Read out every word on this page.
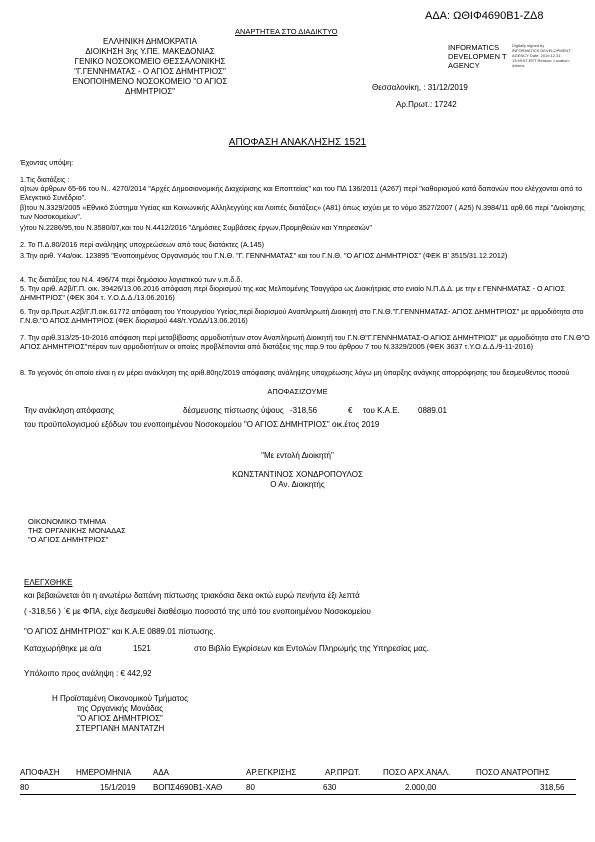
ΑΔΑ: ΩΘΙΦ4690Β1-ΖΔ8
ΑΝΑΡΤΗΤΕΑ ΣΤΟ ΔΙΑΔΙΚΤΥΟ
ΕΛΛΗΝΙΚΗ ΔΗΜΟΚΡΑΤΙΑ
ΔΙΟΙΚΗΣΗ 3ης Υ.ΠΕ. ΜΑΚΕΔΟΝΙΑΣ
ΓΕΝΙΚΟ ΝΟΣΟΚΟΜΕΙΟ ΘΕΣΣΑΛΟΝΙΚΗΣ
"Γ.ΓΕΝΝΗΜΑΤΑΣ - Ο ΑΓΙΟΣ ΔΗΜΗΤΡΙΟΣ"
ΕΝΟΠΟΙΗΜΕΝΟ ΝΟΣΟΚΟΜΕΙΟ "Ο ΑΓΙΟΣ
ΔΗΜΗΤΡΙΟΣ"
INFORMATICS DEVELOPMEN T AGENCY
Digitally signed by INFORMATICS DEVELOPMENT AGENCY Date: 2019.12.31 13:49:57 EET Reason: Location: Athens
Θεσσαλονίκη, : 31/12/2019
Αρ.Πρωτ.: 17242
ΑΠΟΦΑΣΗ ΑΝΑΚΛΗΣΗΣ 1521
Έχοντας υπόψη:
1.Τις διατάξεις :
α)των άρθρων 65-66 του Ν.. 4270/2014 "Αρχές Δημοσιονομικής Διαχείρισης και Εποπτείας" και του ΠΔ 136/2011 (Α267) περί "καθορισμού κατά δαπανών που ελέγχονται από το Ελεγκτικό Συνέδριο".
β)του Ν.3329/2005 «Εθνικό Σύστημα Υγείας και Κοινωνικής Αλληλεγγύης και Λοιπές διατάξεις» (Α81) όπως ισχύει με το νόμο 3527/2007 ( Α25) Ν.3984/11 αρθ.66 περί "Διοίκησης των Νοσοκομείων".
γ)του Ν.2286/95,του Ν.3580/07,και του Ν.4412/2016 "Δημόσιες Συμβάσεις έργων,Προμηθειών και Υπηρεσιών"
2. Το Π.Δ.80/2016 περί ανάληψης υποχρεώσεων από τους διατάκτες (Α.145)
3.Την αριθ. Υ4α/οικ. 123895 "Ενοποιημένος Οργανισμός του Γ.Ν.Θ. "Γ. ΓΕΝΝΗΜΑΤΑΣ" και του Γ.Ν.Θ. "Ο ΑΓΙΟΣ ΔΗΜΗΤΡΙΟΣ" (ΦΕΚ Β' 3515/31.12.2012)
4. Τις διατάξεις του Ν.4. 496/74 περί δημόσιου λογιστικού των ν.π.δ.δ.
5. Την αριθ. Α2β/Γ.Π. οικ. 39426/13.06.2016 απόφαση περί διορισμού της κας Μελπομένης Τσαγγάρα ως Διοικήτριας στο ενιαίο Ν.Π.Δ.Δ. με την ε ΓΕΝΝΗΜΑΤΑΣ - Ο ΑΓΙΟΣ ΔΗΜΗΤΡΙΟΣ" (ΦΕΚ 304 τ. Υ.Ο.Δ.Δ./13.06.2016)
6. Την αρ.Πρωτ.Α2β/Γ.Π.οικ.61772 απόφαση του Υπουργείου Υγείας,περί διορισμού Αναπληρωτή Διοικητή στο Γ.Ν.Θ."Γ.ΓΕΝΝΗΜΑΤΑΣ- ΑΓΙΟΣ ΔΗΜΗΤΡΙΟΣ" με αρμοδιότητα στο Γ.Ν.Θ."Ο ΑΠΟΣ ΔΗΜΗΤΡΙΟΣ (ΦΕΚ διορισμού 448/τ.ΥΟΔΔ/13.06.2016)
7. Την αριθ.313/25-10-2016 απόφαση περί μεταβίβασης αρμοδιοτήτων στον Αναπληρωτή Διοικητή του Γ.Ν.Θ"Γ.ΓΕΝΝΗΜΑΤΑΣ-Ο ΑΓΙΟΣ ΔΗΜΗΤΡΙΟΣ" με αρμοδιότητα στο Γ.Ν.Θ"Ο ΑΓΙΟΣ ΔΗΜΗΤΡΙΟΣ"πέραν των αρμοδιοτήτων οι οποίες προβλέπονται από διατάξεις της παρ.9 του άρθρου 7 του Ν.3329/2005 (ΦΕΚ 3637 τ.Υ.Ο.Δ.Δ./9-11-2016)
8. Το γεγονός ότι οποίο είναι η εν μέρει ανάκληση της αριθ.80ης/2019 απόφασης ανάληψης υποχρέωσης λόγω μη ύπαρξης ανάγκης απορρόφησης του δεσμευθέντος ποσού
ΑΠΟΦΑΣΙΖΟΥΜΕ
Την ανάκληση απόφασης	δέσμευσης πίστωσης ύψους -318,56	€ του Κ.Α.Ε. 0889.01
του προϋπολογισμού εξόδων του ενοποιημένου Νοσοκομείου "Ο ΑΓΙΟΣ ΔΗΜΗΤΡΙΟΣ" οικ.έτος 2019
"Με εντολή Διοικητή"
ΚΩΝΣΤΑΝΤΙΝΟΣ ΧΟΝΔΡΟΠΟΥΛΟΣ
Ο Αν. Διοικητής
ΟΙΚΟΝΟΜΙΚΟ ΤΜΗΜΑ
ΤΗΣ ΟΡΓΑΝΙΚΗΣ ΜΟΝΑΔΑΣ
"Ο ΑΓΙΟΣ ΔΗΜΗΤΡΙΟΣ"
ΕΛΕΓΧΘΗΚΕ
και βεβαιώνεται ότι η ανωτέρω δαπάνη πίστωσης τριακόσια δεκα οκτώ ευρώ πενήντα έξι λεπτά
( -318,56 ) ΄€ με ΦΠΑ, είχε δεσμευθεί διαθέσιμο ποσοστό της υπό του ενοποιημένου Νοσοκομείου
"Ο ΑΓΙΟΣ ΔΗΜΗΤΡΙΟΣ" και Κ.Α.Ε 0889.01 πίστωσης.
Καταχωρήθηκε με α/α	1521	στο Βιβλίο Εγκρίσεων και Εντολών Πληρωμής της Υπηρεσίας μας.
Υπόλοιπο προς ανάληψη : € 442,92
Η Προϊσταμένη Οικονομικού Τμήματος
της Οργανικής Μονάδας
"Ο ΑΓΙΟΣ ΔΗΜΗΤΡΙΟΣ"
ΣΤΕΡΓΙΑΝΗ ΜΑΝΤΑΤΖΗ
ΑΠΟΦΑΣΗ ΗΜΕΡΟΜΗΝΙΑ	ΑΔΑ	ΑΡ.ΕΓΚΡΙΣΗΣ	ΑΡ.ΠΡΩΤ.	ΠΟΣΟ ΑΡΧ.ΑΝΑΛ.	ΠΟΣΟ ΑΝΑΤΡΟΠΗΣ
80	15/1/2019 ΒΟΠΣ4690Β1-ΧΑΘ	80	630	2.000,00	318,56
